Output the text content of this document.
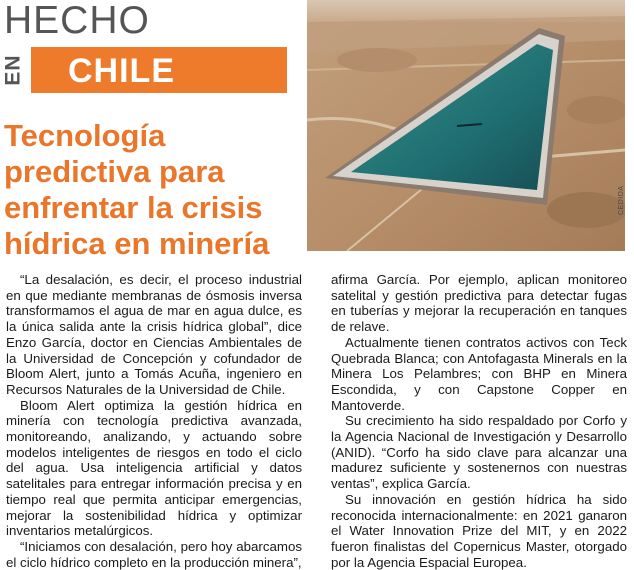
HECHO
EN CHILE
Tecnología predictiva para enfrentar la crisis hídrica en minería
CEDIDA

“La desalación, es decir, el proceso industrial en que mediante membranas de ósmosis inversa transformamos el agua de mar en agua dulce, es la única salida ante la crisis hídrica global”, dice Enzo García, doctor en Ciencias Ambientales de la Universidad de Concepción y cofundador de Bloom Alert, junto a Tomás Acuña, ingeniero en Recursos Naturales de la Universidad de Chile.

Bloom Alert optimiza la gestión hídrica en minería con tecnología predictiva avanzada, monitoreando, analizando, y actuando sobre modelos inteligentes de riesgos en todo el ciclo del agua. Usa inteligencia artificial y datos satelitales para entregar información precisa y en tiempo real que permita anticipar emergencias, mejorar la sostenibilidad hídrica y optimizar inventarios metalúrgicos.

“Iniciamos con desalación, pero hoy abarcamos el ciclo hídrico completo en la producción minera”,

afirma García. Por ejemplo, aplican monitoreo satelital y gestión predictiva para detectar fugas en tuberías y mejorar la recuperación en tanques de relave.

Actualmente tienen contratos activos con Teck Quebrada Blanca; con Antofagasta Minerals en la Minera Los Pelambres; con BHP en Minera Escondida, y con Capstone Copper en Mantoverde.

Su crecimiento ha sido respaldado por Corfo y la Agencia Nacional de Investigación y Desarrollo (ANID). “Corfo ha sido clave para alcanzar una madurez suficiente y sostenernos con nuestras ventas”, explica García.

Su innovación en gestión hídrica ha sido reconocida internacionalmente: en 2021 ganaron el Water Innovation Prize del MIT, y en 2022 fueron finalistas del Copernicus Master, otorgado por la Agencia Espacial Europea.
